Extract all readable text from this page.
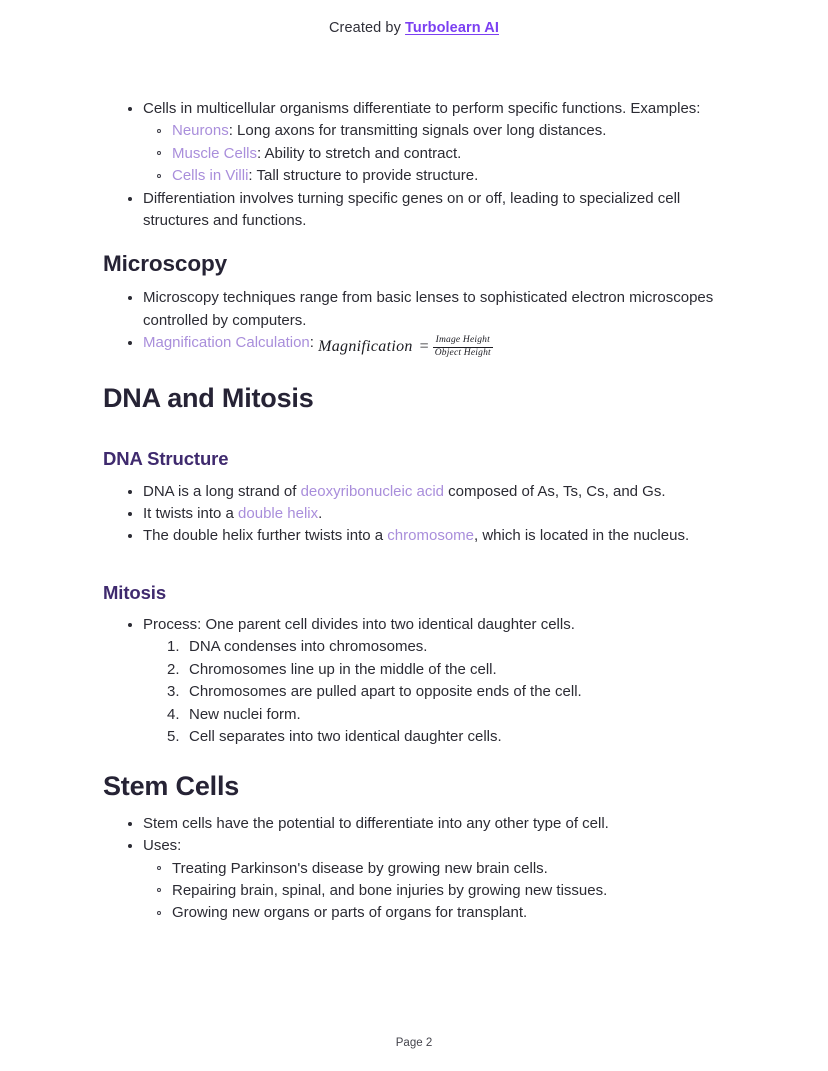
Created by Turbolearn AI
Cells in multicellular organisms differentiate to perform specific functions. Examples:
Neurons: Long axons for transmitting signals over long distances.
Muscle Cells: Ability to stretch and contract.
Cells in Villi: Tall structure to provide structure.
Differentiation involves turning specific genes on or off, leading to specialized cell structures and functions.
Microscopy
Microscopy techniques range from basic lenses to sophisticated electron microscopes controlled by computers.
Magnification Calculation: Magnification = $\frac{\text{Image Height}}{\text{Object Height}}$
DNA and Mitosis
DNA Structure
DNA is a long strand of deoxyribonucleic acid composed of As, Ts, Cs, and Gs.
It twists into a double helix.
The double helix further twists into a chromosome, which is located in the nucleus.
Mitosis
Process: One parent cell divides into two identical daughter cells.
DNA condenses into chromosomes.
Chromosomes line up in the middle of the cell.
Chromosomes are pulled apart to opposite ends of the cell.
New nuclei form.
Cell separates into two identical daughter cells.
Stem Cells
Stem cells have the potential to differentiate into any other type of cell.
Uses:
Treating Parkinson's disease by growing new brain cells.
Repairing brain, spinal, and bone injuries by growing new tissues.
Growing new organs or parts of organs for transplant.
Page 2
